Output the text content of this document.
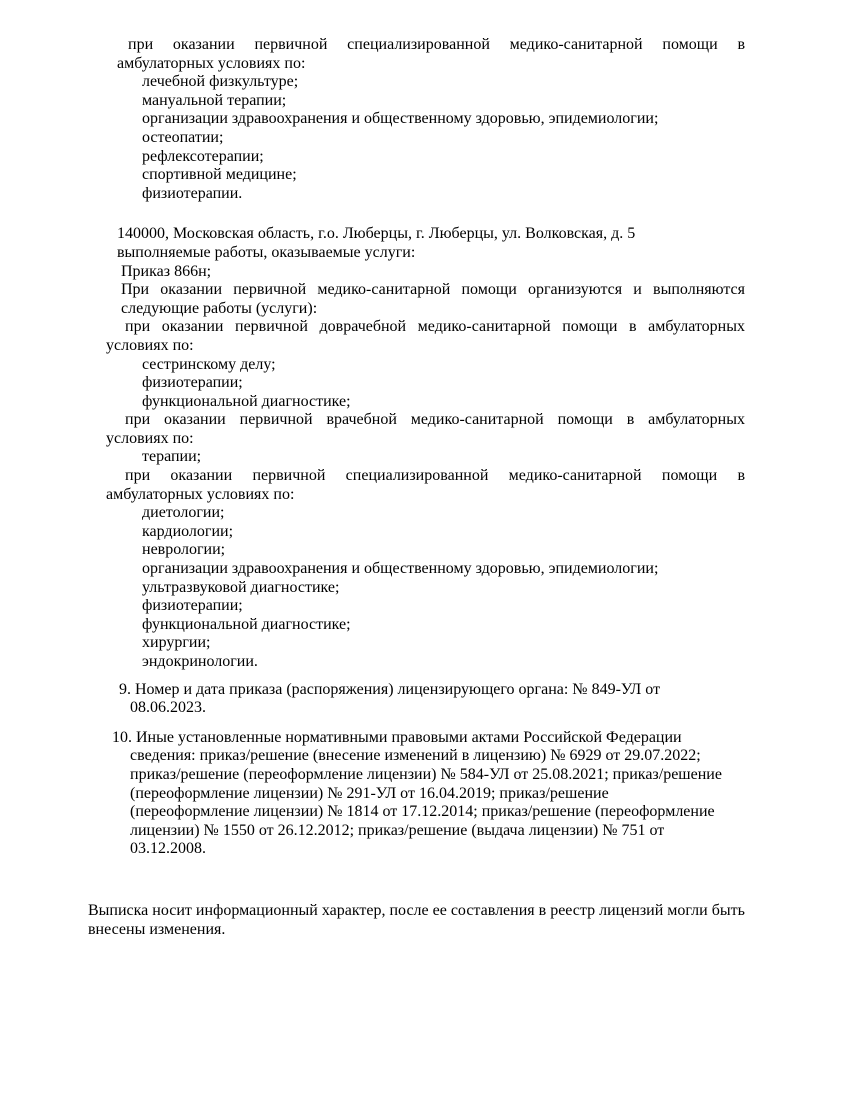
при оказании первичной специализированной медико-санитарной помощи в
амбулаторных условиях по:
лечебной физкультуре;
мануальной терапии;
организации здравоохранения и общественному здоровью, эпидемиологии;
остеопатии;
рефлексотерапии;
спортивной медицине;
физиотерапии.
140000, Московская область, г.о. Люберцы, г. Люберцы, ул. Волковская, д. 5
выполняемые работы, оказываемые услуги:
Приказ 866н;
При оказании первичной медико-санитарной помощи организуются и выполняются
следующие работы (услуги):
при оказании первичной доврачебной медико-санитарной помощи в амбулаторных
условиях по:
сестринскому делу;
физиотерапии;
функциональной диагностике;
при оказании первичной врачебной медико-санитарной помощи в амбулаторных
условиях по:
терапии;
при оказании первичной специализированной медико-санитарной помощи в
амбулаторных условиях по:
диетологии;
кардиологии;
неврологии;
организации здравоохранения и общественному здоровью, эпидемиологии;
ультразвуковой диагностике;
физиотерапии;
функциональной диагностике;
хирургии;
эндокринологии.
9. Номер и дата приказа (распоряжения) лицензирующего органа: № 849-УЛ от
08.06.2023.
10. Иные установленные нормативными правовыми актами Российской Федерации
сведения: приказ/решение (внесение изменений в лицензию) № 6929 от 29.07.2022;
приказ/решение (переоформление лицензии) № 584-УЛ от 25.08.2021; приказ/решение
(переоформление лицензии) № 291-УЛ от 16.04.2019; приказ/решение
(переоформление лицензии) № 1814 от 17.12.2014; приказ/решение (переоформление
лицензии) № 1550 от 26.12.2012; приказ/решение (выдача лицензии) № 751 от
03.12.2008.
Выписка носит информационный характер, после ее составления в реестр лицензий могли быть
внесены изменения.
